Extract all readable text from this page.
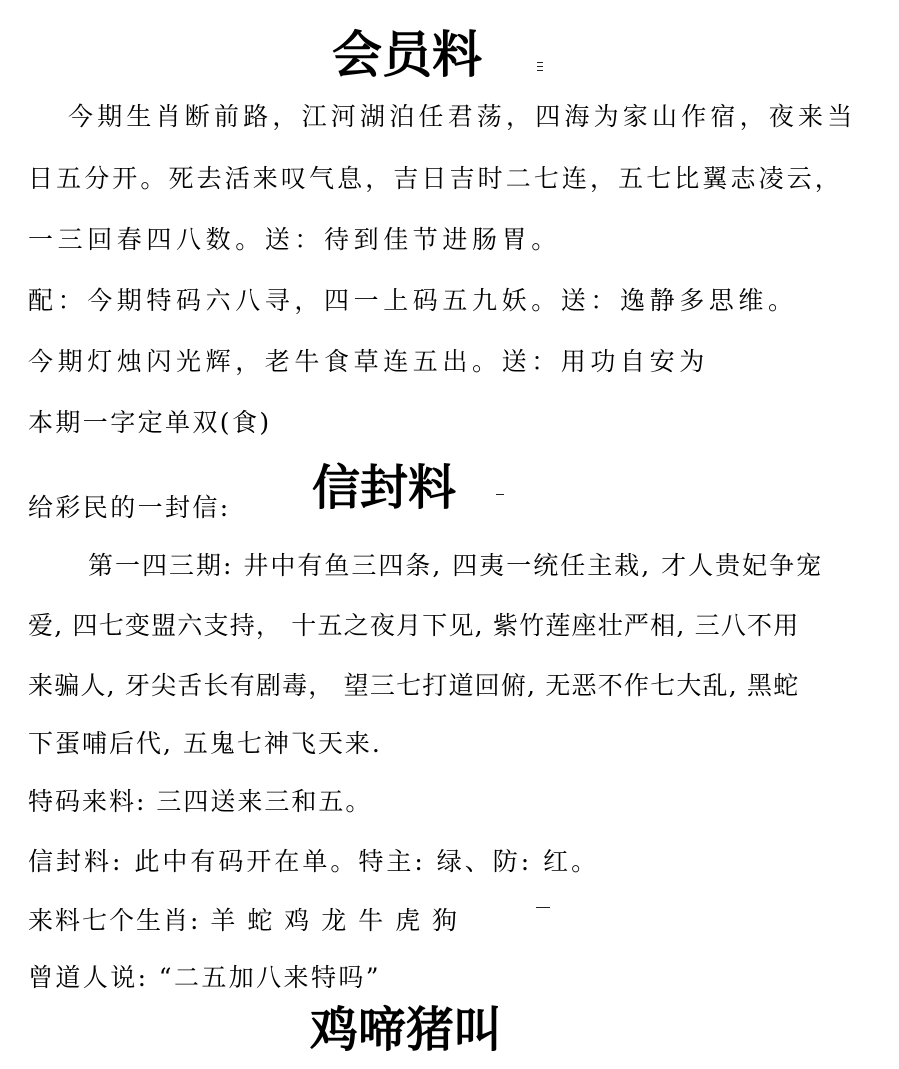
会员料
今期生肖断前路，江河湖泊任君荡，四海为家山作宿，夜来当
日五分开。死去活来叹气息，吉日吉时二七连，五七比翼志凌云，
一三回春四八数。送：待到佳节进肠胃。
配：今期特码六八寻，四一上码五九妖。送：逸静多思维。
今期灯烛闪光辉，老牛食草连五出。送：用功自安为
本期一字定单双(食)
给彩民的一封信:	信封料
第一四三期: 井中有鱼三四条, 四夷一统任主栽, 才人贵妃争宠
爱, 四七变盟六支持， 十五之夜月下见, 紫竹莲座壮严相, 三八不用
来骗人, 牙尖舌长有剧毒， 望三七打道回俯, 无恶不作七大乱, 黑蛇
下蛋哺后代, 五鬼七神飞天来.
特码来料: 三四送来三和五。
信封料: 此中有码开在单。特主: 绿、防: 红。
来料七个生肖: 羊 蛇 鸡 龙 牛 虎 狗
曾道人说: “二五加八来特吗”
鸡啼猪叫
